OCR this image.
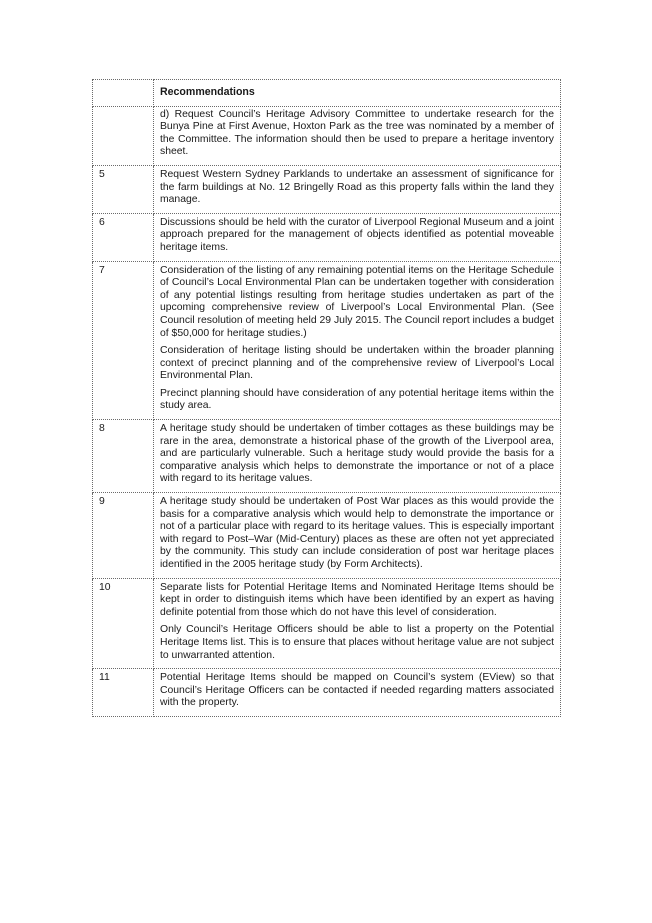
	Recommendations

	d) Request Council’s Heritage Advisory Committee to undertake research for the Bunya Pine at First Avenue, Hoxton Park as the tree was nominated by a member of the Committee. The information should then be used to prepare a heritage inventory sheet.

5	Request Western Sydney Parklands to undertake an assessment of significance for the farm buildings at No. 12 Bringelly Road as this property falls within the land they manage.

6	Discussions should be held with the curator of Liverpool Regional Museum and a joint approach prepared for the management of objects identified as potential moveable heritage items.

7	Consideration of the listing of any remaining potential items on the Heritage Schedule of Council’s Local Environmental Plan can be undertaken together with consideration of any potential listings resulting from heritage studies undertaken as part of the upcoming comprehensive review of Liverpool’s Local Environmental Plan. (See Council resolution of meeting held 29 July 2015. The Council report includes a budget of $50,000 for heritage studies.)

Consideration of heritage listing should be undertaken within the broader planning context of precinct planning and of the comprehensive review of Liverpool’s Local Environmental Plan.

Precinct planning should have consideration of any potential heritage items within the study area.

8	A heritage study should be undertaken of timber cottages as these buildings may be rare in the area, demonstrate a historical phase of the growth of the Liverpool area, and are particularly vulnerable. Such a heritage study would provide the basis for a comparative analysis which helps to demonstrate the importance or not of a place with regard to its heritage values.

9	A heritage study should be undertaken of Post War places as this would provide the basis for a comparative analysis which would help to demonstrate the importance or not of a particular place with regard to its heritage values. This is especially important with regard to Post–War (Mid-Century) places as these are often not yet appreciated by the community. This study can include consideration of post war heritage places identified in the 2005 heritage study (by Form Architects).

10	Separate lists for Potential Heritage Items and Nominated Heritage Items should be kept in order to distinguish items which have been identified by an expert as having definite potential from those which do not have this level of consideration.

Only Council’s Heritage Officers should be able to list a property on the Potential Heritage Items list. This is to ensure that places without heritage value are not subject to unwarranted attention.

11	Potential Heritage Items should be mapped on Council’s system (EView) so that Council’s Heritage Officers can be contacted if needed regarding matters associated with the property.
